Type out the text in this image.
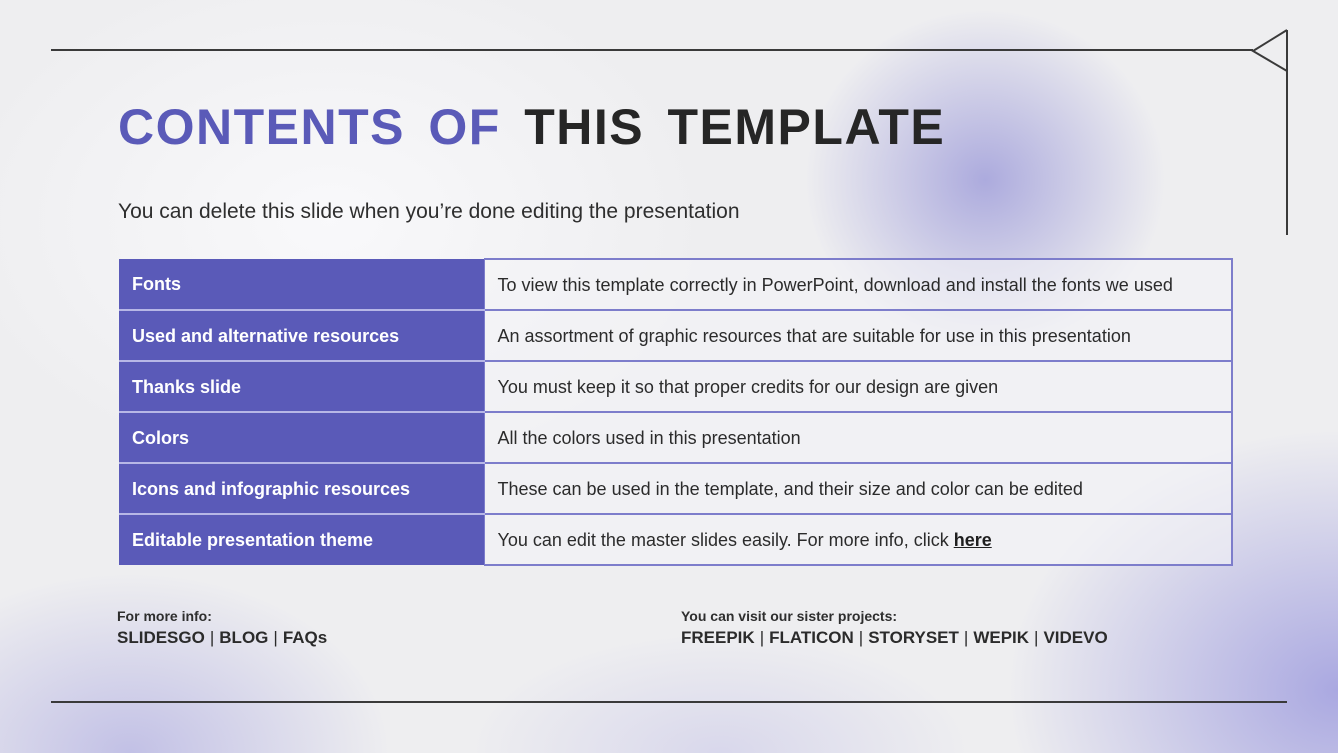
CONTENTS OF THIS TEMPLATE

You can delete this slide when you’re done editing the presentation

Fonts	To view this template correctly in PowerPoint, download and install the fonts we used
Used and alternative resources	An assortment of graphic resources that are suitable for use in this presentation
Thanks slide	You must keep it so that proper credits for our design are given
Colors	All the colors used in this presentation
Icons and infographic resources	These can be used in the template, and their size and color can be edited
Editable presentation theme	You can edit the master slides easily. For more info, click here
For more info:
SLIDESGO | BLOG | FAQs
You can visit our sister projects:
FREEPIK | FLATICON | STORYSET | WEPIK | VIDEVO
